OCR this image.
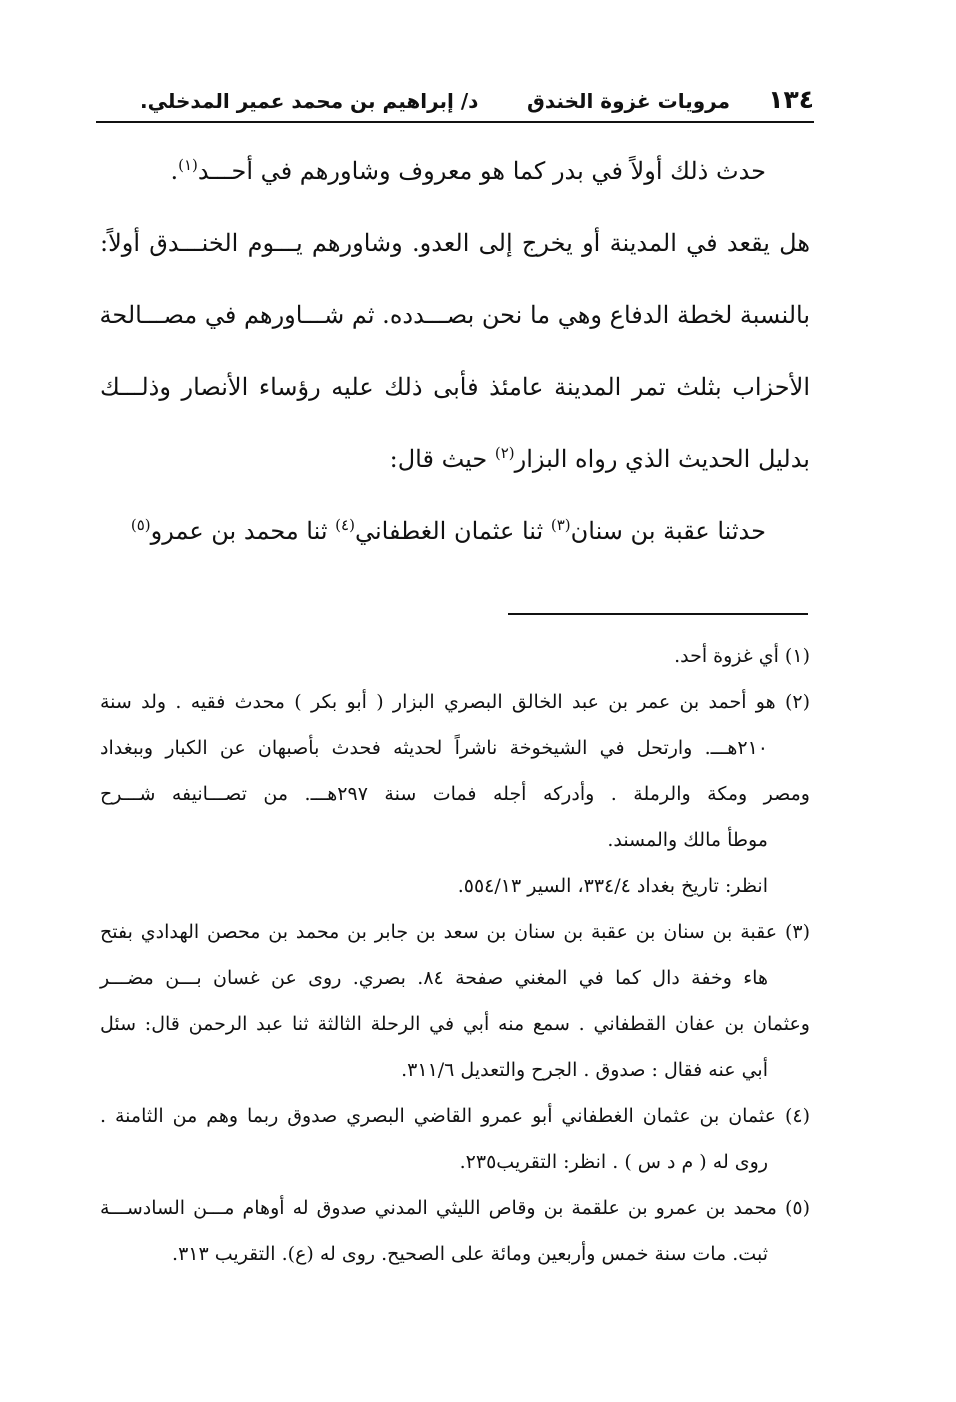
١٣٤
مرويات غزوة الخندق
د/ إبراهيم بن محمد عمير المدخلي.
حدث ذلك أولاً في بدر كما هو معروف وشاورهم في أحـــد$^{(١)}$.
هل يقعد في المدينة أو يخرج إلى العدو. وشاورهم يـــوم الخنـــدق أولاً:
بالنسبة لخطة الدفاع وهي ما نحن بصـــدده. ثم شـــاورهم في مصـــالحة
الأحزاب بثلث تمر المدينة عامئذ فأبى ذلك عليه رؤساء الأنصار وذلـــك
بدليل الحديث الذي رواه البزار$^{(٢)}$ حيث قال:
حدثنا عقبة بن سنان$^{(٣)}$ ثنا عثمان الغطفاني$^{(٤)}$ ثنا محمد بن عمرو$^{(٥)}$
(١) أي غزوة أحد.
(٢) هو أحمد بن عمر بن عبد الخالق البصري البزار ( أبو بكر ) محدث فقيه . ولد سنة
٢١٠هـــ. وارتحل في الشيخوخة ناشراً لحديثه فحدث بأصبهان عن الكبار وببغداد
ومصر ومكة والرملة . وأدركه أجله فمات سنة ٢٩٧هـــ. من تصـــانيفه شـــرح
موطأ مالك والمسند.
انظر: تاريخ بغداد ٣٣٤/٤، السير ٥٥٤/١٣.
(٣) عقبة بن سنان بن عقبة بن سنان بن سعد بن جابر بن محمد بن محصن الهدادي بفتح
هاء وخفة دال كما في المغني صفحة ٨٤. بصري. روى عن غسان بـــن مضـــر
وعثمان بن عفان القطفاني . سمع منه أبي في الرحلة الثالثة ثنا عبد الرحمن قال: سئل
أبي عنه فقال : صدوق . الجرح والتعديل ٣١١/٦.
(٤) عثمان بن عثمان الغطفاني أبو عمرو القاضي البصري صدوق ربما وهم من الثامنة .
روى له ( م د س ) . انظر: التقريب٢٣٥.
(٥) محمد بن عمرو بن علقمة بن وقاص الليثي المدني صدوق له أوهام مـــن السادســـة
ثبت. مات سنة خمس وأربعين ومائة على الصحيح. روى له (ع). التقريب ٣١٣.
